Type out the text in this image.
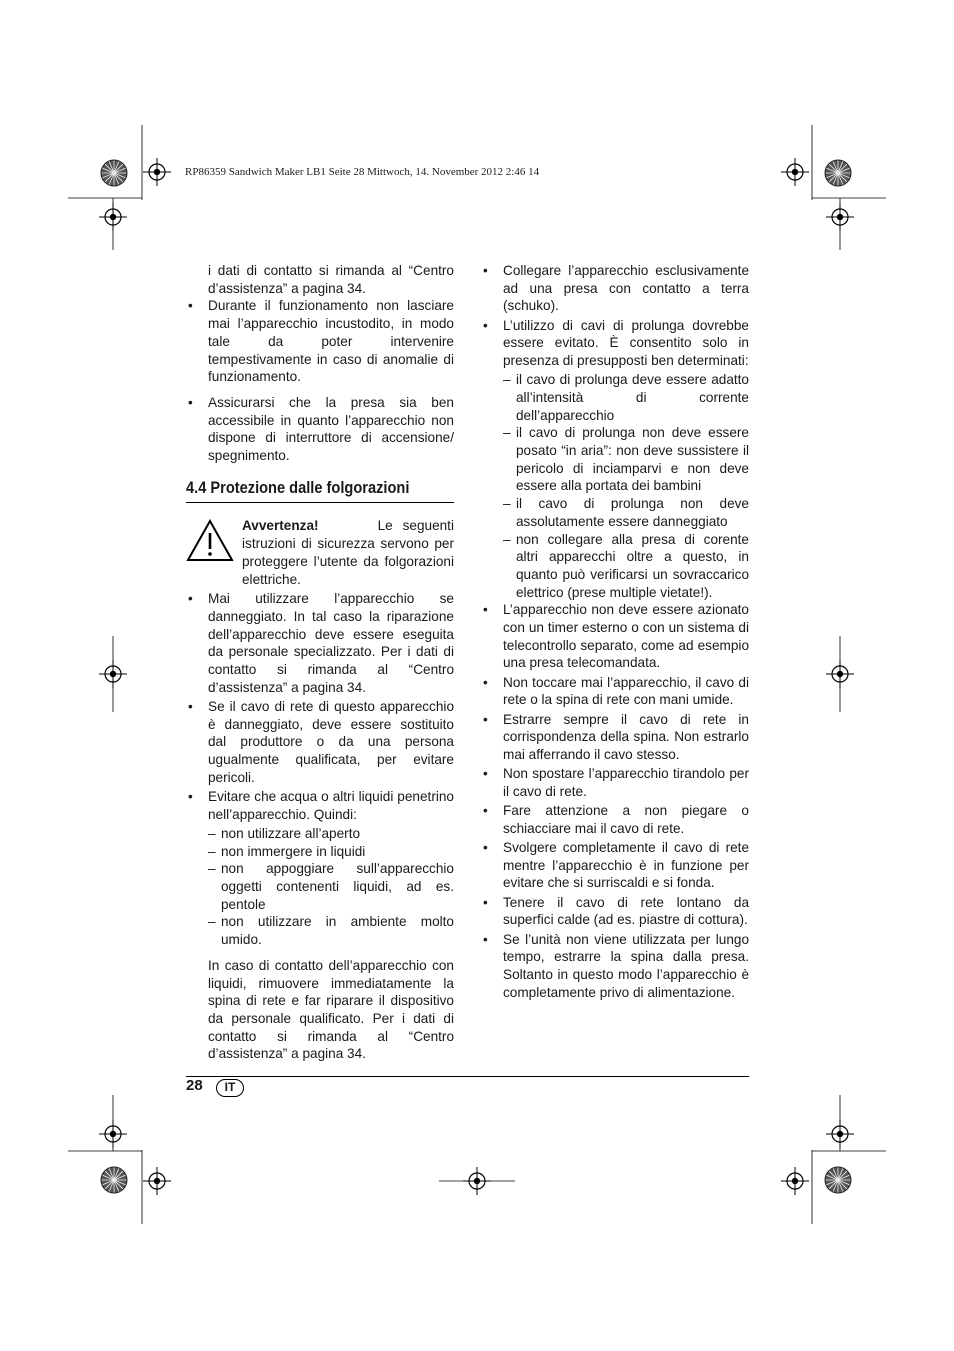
RP86359 Sandwich Maker LB1 Seite 28 Mittwoch, 14. November 2012 2:46 14

i dati di contatto si rimanda al “Centro d’assistenza” a pagina 34.

• Durante il funzionamento non lasciare mai l’apparecchio incustodito, in modo tale da poter intervenire tempestivamente in caso di anomalie di funzionamento.

• Assicurarsi che la presa sia ben accessibile in quanto l’apparecchio non dispone di interruttore di accensione/ spegnimento.

4.4 Protezione dalle folgorazioni

Avvertenza!	Le seguenti istruzioni di sicurezza servono per proteggere l’utente da folgorazioni elettriche.

• Mai utilizzare l’apparecchio se danneggiato. In tal caso la riparazione dell’apparecchio deve essere eseguita da personale specializzato. Per i dati di contatto si rimanda al “Centro d’assistenza” a pagina 34.

• Se il cavo di rete di questo apparecchio è danneggiato, deve essere sostituito dal produttore o da una persona ugualmente qualificata, per evitare pericoli.

• Evitare che acqua o altri liquidi penetrino nell’apparecchio. Quindi:

– non utilizzare all’aperto

– non immergere in liquidi

– non appoggiare sull’apparecchio oggetti contenenti liquidi, ad es. pentole

– non utilizzare in ambiente molto umido.

In caso di contatto dell’apparecchio con liquidi, rimuovere immediatamente la spina di rete e far riparare il dispositivo da personale qualificato. Per i dati di contatto si rimanda al “Centro d’assistenza” a pagina 34.

• Collegare l’apparecchio esclusivamente ad una presa con contatto a terra (schuko).

• L’utilizzo di cavi di prolunga dovrebbe essere evitato. È consentito solo in presenza di presupposti ben determinati:

– il cavo di prolunga deve essere adatto all’intensità di corrente dell’apparecchio

– il cavo di prolunga non deve essere posato “in aria”: non deve sussistere il pericolo di inciamparvi e non deve essere alla portata dei bambini

– il cavo di prolunga non deve assolutamente essere danneggiato

– non collegare alla presa di corente altri apparecchi oltre a questo, in quanto può verificarsi un sovraccarico elettrico (prese multiple vietate!).

• L’apparecchio non deve essere azionato con un timer esterno o con un sistema di telecontrollo separato, come ad esempio una presa telecomandata.

• Non toccare mai l’apparecchio, il cavo di rete o la spina di rete con mani umide.

• Estrarre sempre il cavo di rete in corrispondenza della spina. Non estrarlo mai afferrando il cavo stesso.

• Non spostare l’apparecchio tirandolo per il cavo di rete.

• Fare attenzione a non piegare o schiacciare mai il cavo di rete.

• Svolgere completamente il cavo di rete mentre l’apparecchio è in funzione per evitare che si surriscaldi e si fonda.

• Tenere il cavo di rete lontano da superfici calde (ad es. piastre di cottura).

• Se l’unità non viene utilizzata per lungo tempo, estrarre la spina dalla presa. Soltanto in questo modo l’apparecchio è completamente privo di alimentazione.

28	IT
